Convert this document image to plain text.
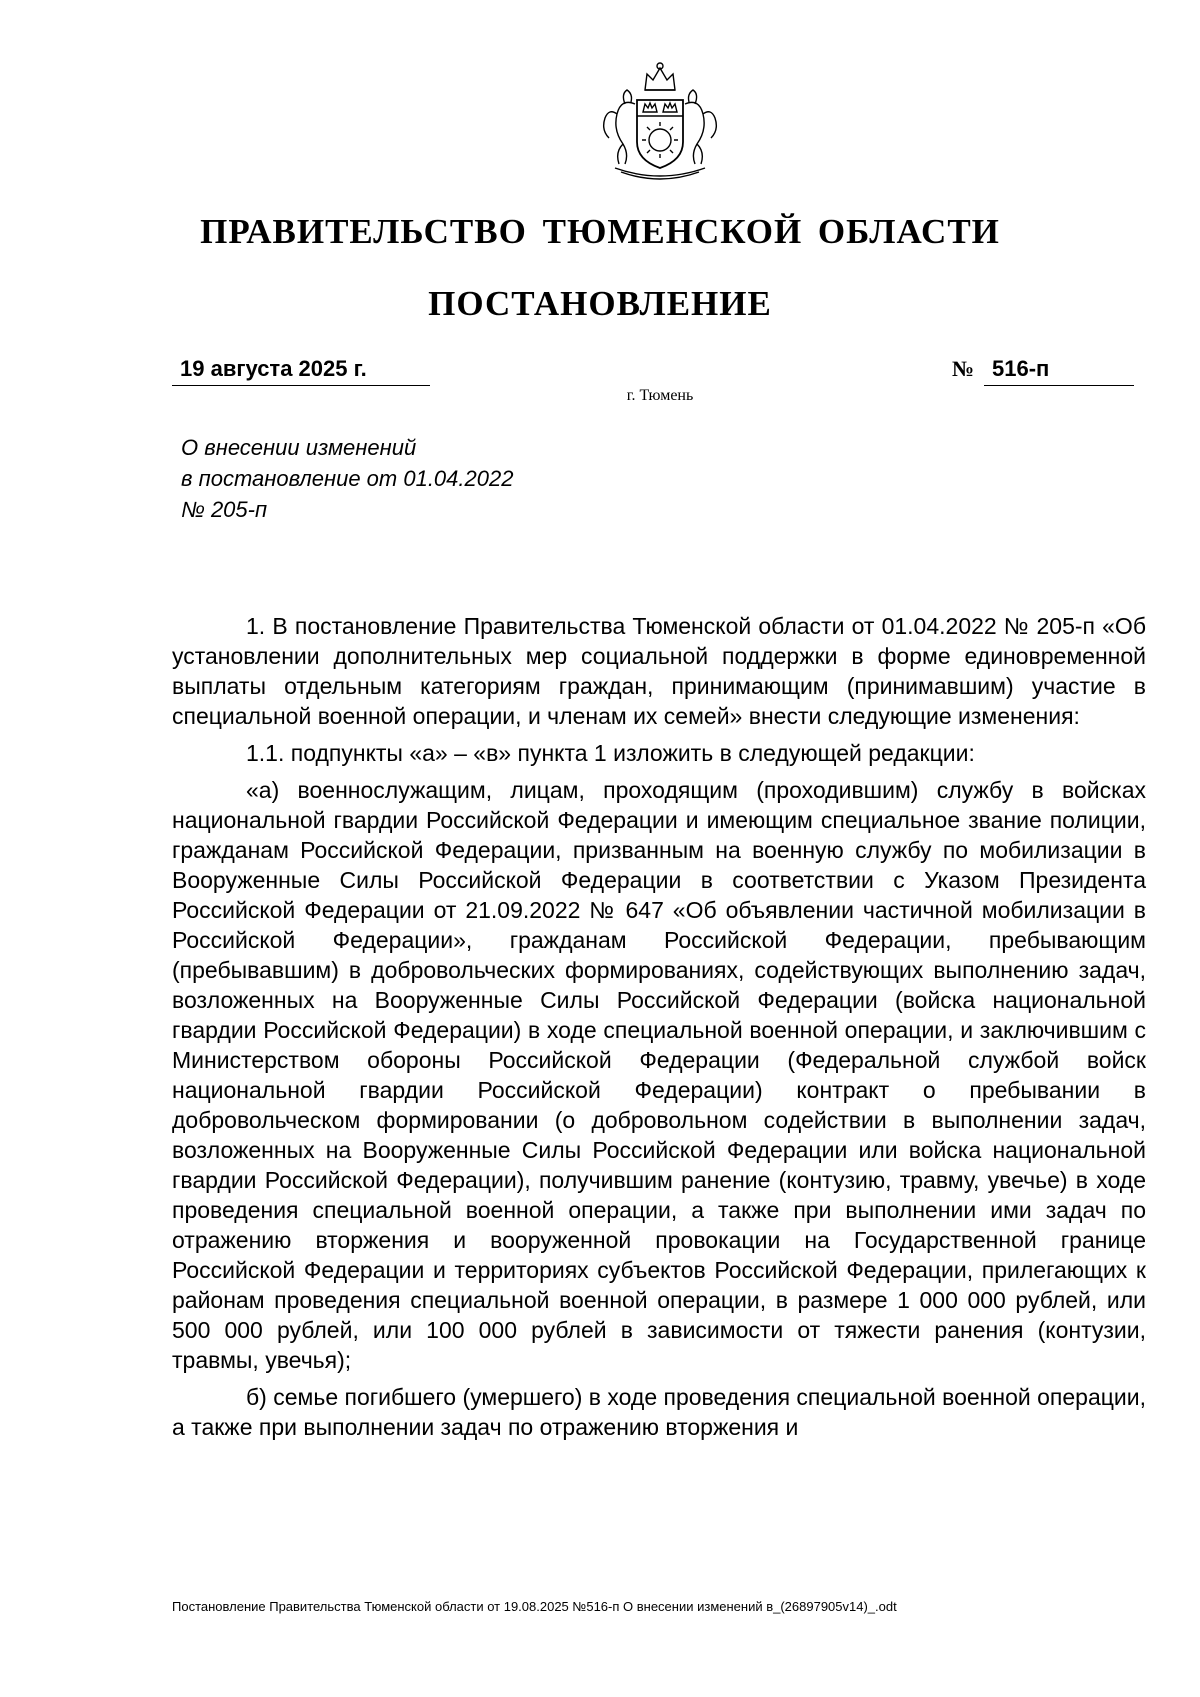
ПРАВИТЕЛЬСТВО ТЮМЕНСКОЙ ОБЛАСТИ
ПОСТАНОВЛЕНИЕ
19 августа 2025 г.	№ 516-п
г. Тюмень
О внесении изменений
в постановление от 01.04.2022
№ 205-п

1. В постановление Правительства Тюменской области от 01.04.2022 № 205-п «Об установлении дополнительных мер социальной поддержки в форме единовременной выплаты отдельным категориям граждан, принимающим (принимавшим) участие в специальной военной операции, и членам их семей» внести следующие изменения:

1.1. подпункты «а» – «в» пункта 1 изложить в следующей редакции:

«а) военнослужащим, лицам, проходящим (проходившим) службу в войсках национальной гвардии Российской Федерации и имеющим специальное звание полиции, гражданам Российской Федерации, призванным на военную службу по мобилизации в Вооруженные Силы Российской Федерации в соответствии с Указом Президента Российской Федерации от 21.09.2022 № 647 «Об объявлении частичной мобилизации в Российской Федерации», гражданам Российской Федерации, пребывающим (пребывавшим) в добровольческих формированиях, содействующих выполнению задач, возложенных на Вооруженные Силы Российской Федерации (войска национальной гвардии Российской Федерации) в ходе специальной военной операции, и заключившим с Министерством обороны Российской Федерации (Федеральной службой войск национальной гвардии Российской Федерации) контракт о пребывании в добровольческом формировании (о добровольном содействии в выполнении задач, возложенных на Вооруженные Силы Российской Федерации или войска национальной гвардии Российской Федерации), получившим ранение (контузию, травму, увечье) в ходе проведения специальной военной операции, а также при выполнении ими задач по отражению вторжения и вооруженной провокации на Государственной границе Российской Федерации и территориях субъектов Российской Федерации, прилегающих к районам проведения специальной военной операции, в размере 1 000 000 рублей, или 500 000 рублей, или 100 000 рублей в зависимости от тяжести ранения (контузии, травмы, увечья);

б) семье погибшего (умершего) в ходе проведения специальной военной операции, а также при выполнении задач по отражению вторжения и

Постановление Правительства Тюменской области от 19.08.2025 №516-п О внесении изменений в_(26897905v14)_.odt
